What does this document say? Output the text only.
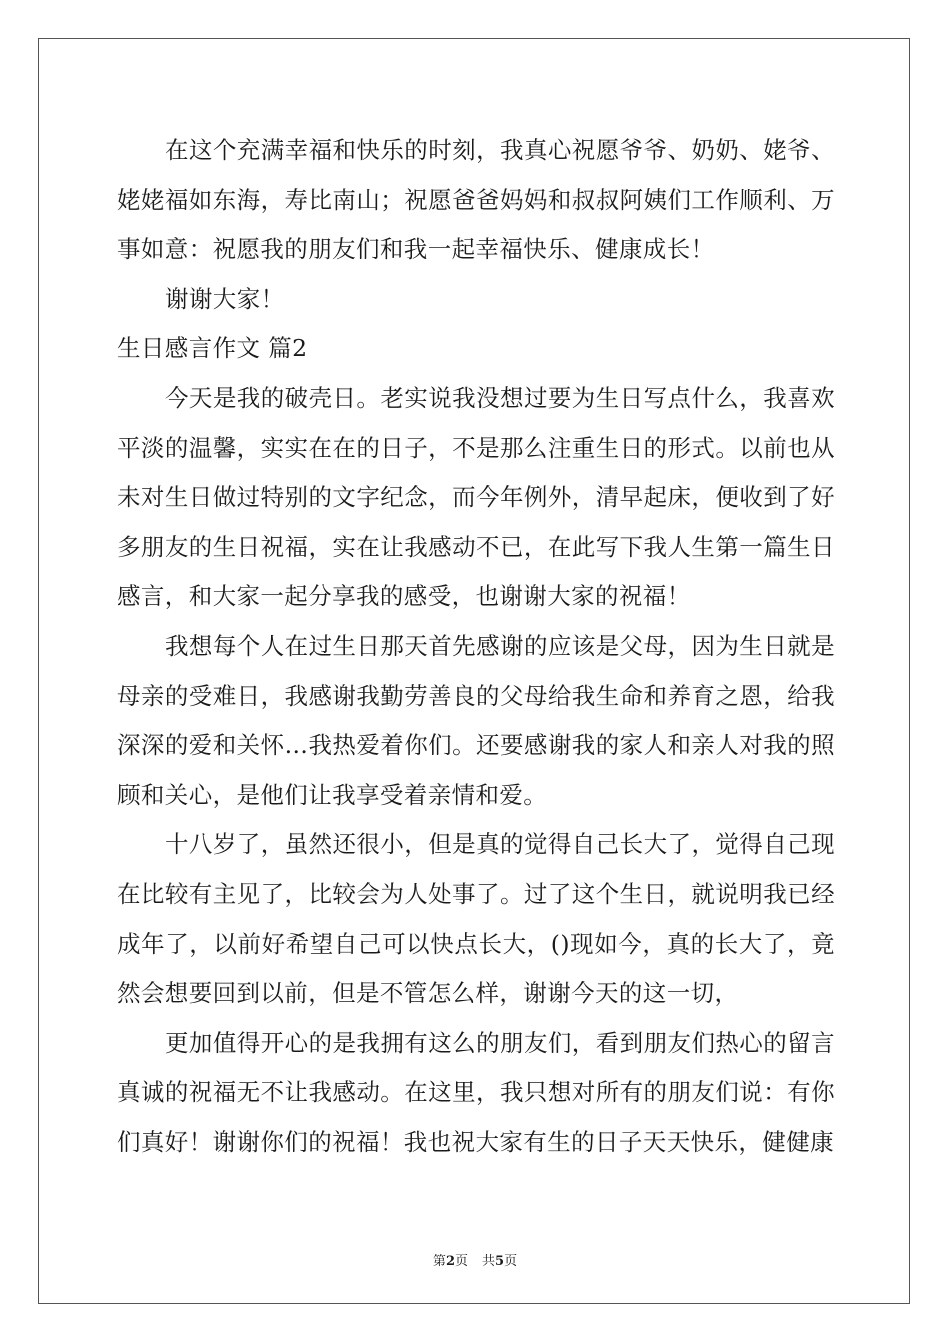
在这个充满幸福和快乐的时刻，我真心祝愿爷爷、奶奶、姥爷、姥姥福如东海，寿比南山；祝愿爸爸妈妈和叔叔阿姨们工作顺利、万事如意：祝愿我的朋友们和我一起幸福快乐、健康成长！

谢谢大家！

生日感言作文 篇2

今天是我的破壳日。老实说我没想过要为生日写点什么，我喜欢平淡的温馨，实实在在的日子，不是那么注重生日的形式。以前也从未对生日做过特别的文字纪念，而今年例外，清早起床，便收到了好多朋友的生日祝福，实在让我感动不已，在此写下我人生第一篇生日感言，和大家一起分享我的感受，也谢谢大家的祝福！

我想每个人在过生日那天首先感谢的应该是父母，因为生日就是母亲的受难日，我感谢我勤劳善良的父母给我生命和养育之恩，给我深深的爱和关怀…我热爱着你们。还要感谢我的家人和亲人对我的照顾和关心，是他们让我享受着亲情和爱。

十八岁了，虽然还很小，但是真的觉得自己长大了，觉得自己现在比较有主见了，比较会为人处事了。过了这个生日，就说明我已经成年了，以前好希望自己可以快点长大，()现如今，真的长大了，竟然会想要回到以前，但是不管怎么样，谢谢今天的这一切，

更加值得开心的是我拥有这么的朋友们，看到朋友们热心的留言真诚的祝福无不让我感动。在这里，我只想对所有的朋友们说：有你们真好！谢谢你们的祝福！我也祝大家有生的日子天天快乐，健健康

第2页 共5页
